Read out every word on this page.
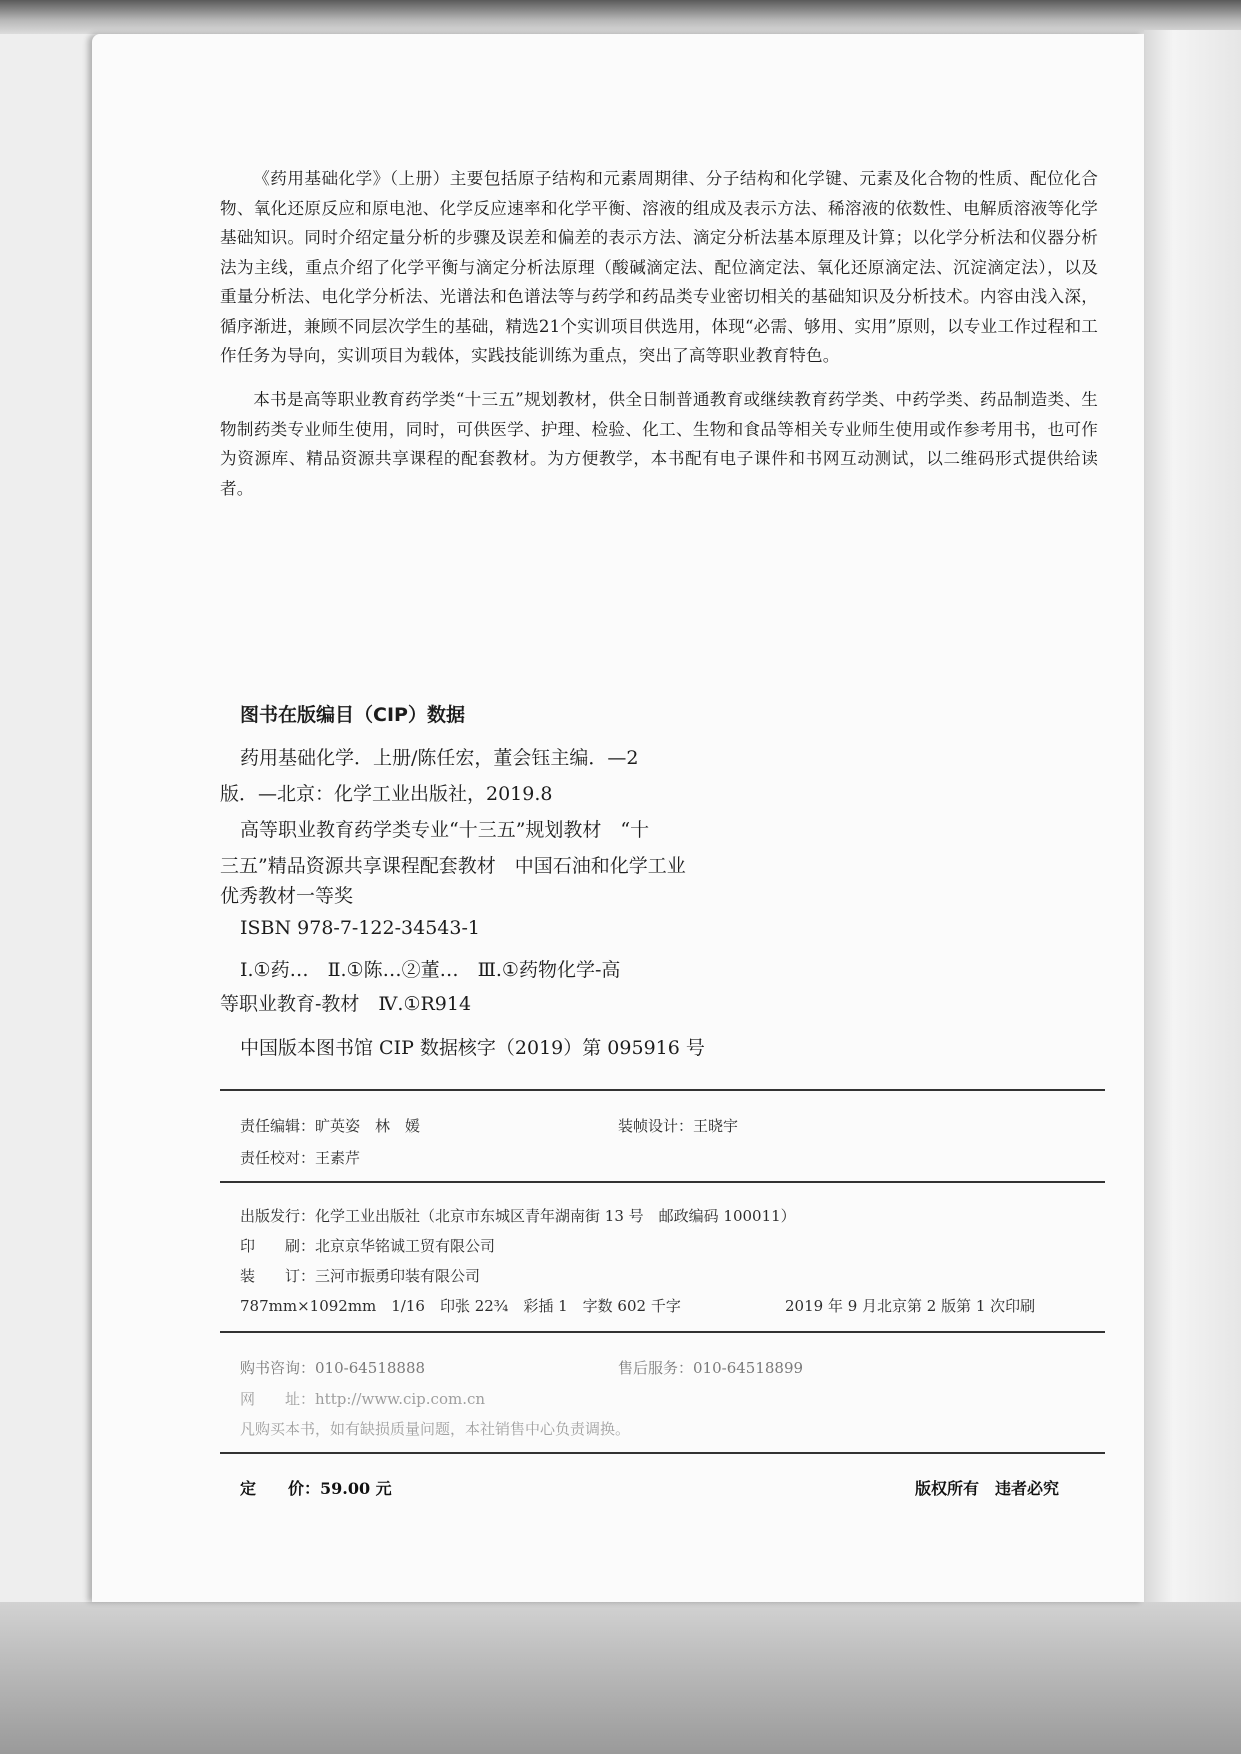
《药用基础化学》（上册）主要包括原子结构和元素周期律、分子结构和化学键、元素及化合物的性质、配位化合物、氧化还原反应和原电池、化学反应速率和化学平衡、溶液的组成及表示方法、稀溶液的依数性、电解质溶液等化学基础知识。同时介绍定量分析的步骤及误差和偏差的表示方法、滴定分析法基本原理及计算；以化学分析法和仪器分析法为主线，重点介绍了化学平衡与滴定分析法原理（酸碱滴定法、配位滴定法、氧化还原滴定法、沉淀滴定法），以及重量分析法、电化学分析法、光谱法和色谱法等与药学和药品类专业密切相关的基础知识及分析技术。内容由浅入深，循序渐进，兼顾不同层次学生的基础，精选21个实训项目供选用，体现“必需、够用、实用”原则，以专业工作过程和工作任务为导向，实训项目为载体，实践技能训练为重点，突出了高等职业教育特色。
本书是高等职业教育药学类“十三五”规划教材，供全日制普通教育或继续教育药学类、中药学类、药品制造类、生物制药类专业师生使用，同时，可供医学、护理、检验、化工、生物和食品等相关专业师生使用或作参考用书，也可作为资源库、精品资源共享课程的配套教材。为方便教学，本书配有电子课件和书网互动测试，以二维码形式提供给读者。
图书在版编目（CIP）数据
药用基础化学．上册/陈任宏，董会钰主编．—2
版．—北京：化学工业出版社，2019.8
高等职业教育药学类专业“十三五”规划教材　“十
三五”精品资源共享课程配套教材　中国石油和化学工业
优秀教材一等奖
ISBN 978-7-122-34543-1
Ⅰ.①药…　Ⅱ.①陈…②董…　Ⅲ.①药物化学-高
等职业教育-教材　Ⅳ.①R914
中国版本图书馆 CIP 数据核字（2019）第 095916 号
责任编辑：旷英姿　林　媛	装帧设计：王晓宇
责任校对：王素芹
出版发行：化学工业出版社（北京市东城区青年湖南街 13 号　邮政编码 100011）
印　　刷：北京京华铭诚工贸有限公司
装　　订：三河市振勇印装有限公司
787mm×1092mm　1/16　印张 22¾　彩插 1　字数 602 千字	2019 年 9 月北京第 2 版第 1 次印刷
购书咨询：010-64518888	售后服务：010-64518899
网　　址：http://www.cip.com.cn
凡购买本书，如有缺损质量问题，本社销售中心负责调换。
定　　价：59.00 元	版权所有　违者必究
